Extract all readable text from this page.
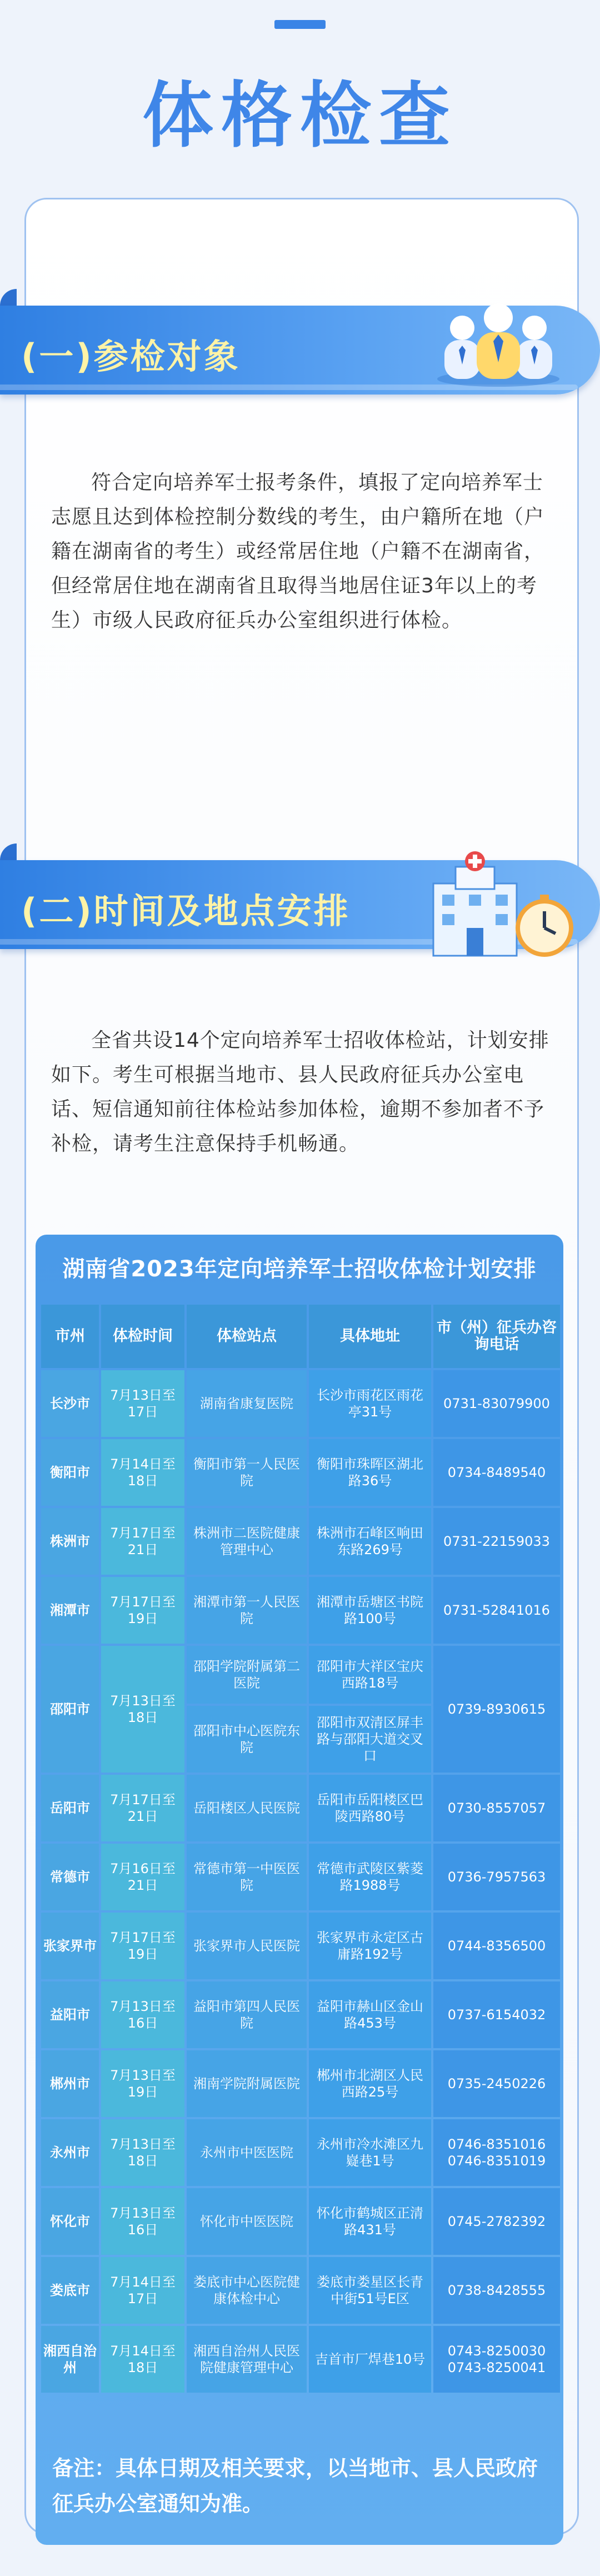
体格检查
(一)参检对象
符合定向培养军士报考条件，填报了定向培养军士志愿且达到体检控制分数线的考生，由户籍所在地（户籍在湖南省的考生）或经常居住地（户籍不在湖南省，但经常居住地在湖南省且取得当地居住证3年以上的考生）市级人民政府征兵办公室组织进行体检。
(二)时间及地点安排
全省共设14个定向培养军士招收体检站，计划安排如下。考生可根据当地市、县人民政府征兵办公室电话、短信通知前往体检站参加体检，逾期不参加者不予补检，请考生注意保持手机畅通。
湖南省2023年定向培养军士招收体检计划安排
市州	体检时间	体检站点	具体地址	市（州）征兵办咨询电话
长沙市	7月13日至17日	湖南省康复医院	长沙市雨花区雨花亭31号	0731-83079900
衡阳市	7月14日至18日	衡阳市第一人民医院	衡阳市珠晖区湖北路36号	0734-8489540
株洲市	7月17日至21日	株洲市二医院健康管理中心	株洲市石峰区响田东路269号	0731-22159033
湘潭市	7月17日至19日	湘潭市第一人民医院	湘潭市岳塘区书院路100号	0731-52841016
邵阳市	7月13日至18日	邵阳学院附属第二医院	邵阳市大祥区宝庆西路18号	0739-8930615
		邵阳市中心医院东院	邵阳市双清区屏丰路与邵阳大道交叉口	
岳阳市	7月17日至21日	岳阳楼区人民医院	岳阳市岳阳楼区巴陵西路80号	0730-8557057
常德市	7月16日至21日	常德市第一中医医院	常德市武陵区紫菱路1988号	0736-7957563
张家界市	7月17日至19日	张家界市人民医院	张家界市永定区古庸路192号	0744-8356500
益阳市	7月13日至16日	益阳市第四人民医院	益阳市赫山区金山路453号	0737-6154032
郴州市	7月13日至19日	湘南学院附属医院	郴州市北湖区人民西路25号	0735-2450226
永州市	7月13日至18日	永州市中医医院	永州市冷水滩区九嶷巷1号	0746-8351016 0746-8351019
怀化市	7月13日至16日	怀化市中医医院	怀化市鹤城区正清路431号	0745-2782392
娄底市	7月14日至17日	娄底市中心医院健康体检中心	娄底市娄星区长青中街51号E区	0738-8428555
湘西自治州	7月14日至18日	湘西自治州人民医院健康管理中心	吉首市厂焊巷10号	0743-8250030 0743-8250041
备注：具体日期及相关要求，以当地市、县人民政府征兵办公室通知为准。
